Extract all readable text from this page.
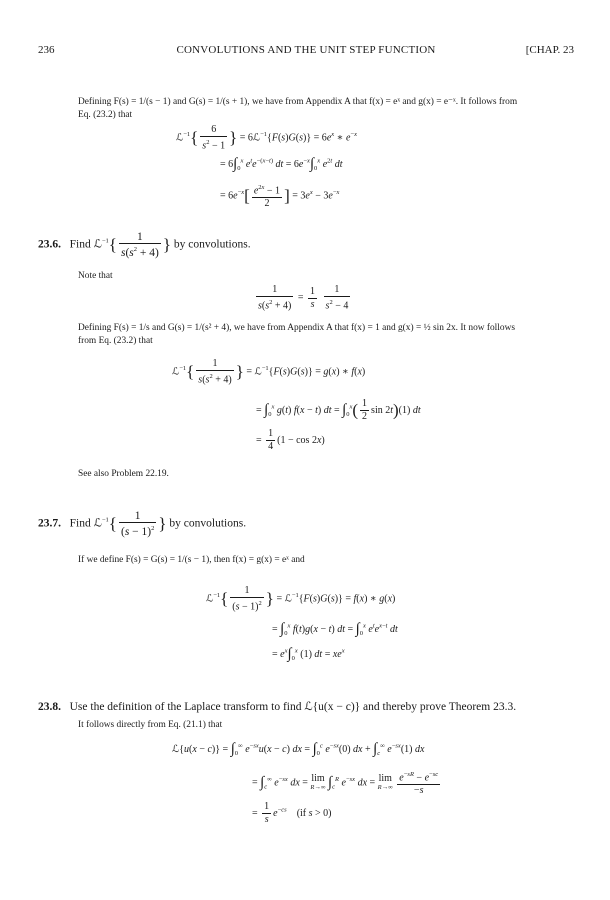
236	CONVOLUTIONS AND THE UNIT STEP FUNCTION	[CHAP. 23
Defining F(s) = 1/(s − 1) and G(s) = 1/(s + 1), we have from Appendix A that f(x) = eˣ and g(x) = e⁻ˣ. It follows from
Eq. (23.2) that
ℒ$^{-1}${ $\frac{6}{s^2 - 1}$ } = 6ℒ$^{-1}${F(s)G(s)} = $6e^x$ ∗ $e^{-x}$
= $6\int_0^x$ $e^te^{-(x-t)}$ dt = $6e^{-x}\int_0^x$ $e^{2t}$ dt
= $6e^{-x}[ \frac{e^{2x} - 1}{2}$ ] = $3e^x - 3e^{-x}$
23.6.   Find ℒ$^{-1}${ $\frac{1}{s(s^2 + 4)}$ } by convolutions.
Note that
$\frac{1}{s(s^2 + 4)} = \frac{1}{s}$
$\frac{1}{s^2 - 4}$
Defining F(s) = 1/s and G(s) = 1/(s² + 4), we have from Appendix A that f(x) = 1 and g(x) = ½ sin 2x. It now follows
from Eq. (23.2) that
ℒ$^{-1}${ $\frac{1}{s(s^2 + 4)}$ } = ℒ$^{-1}${F(s)G(s)} = g(x) ∗ f(x)
= $\int_0^x$ g(t) f(x − t) dt = $\int_0^x( \frac{1}{2}$ sin 2t)(1) dt
= $\frac{1}{4} (1 - \cos 2x)$
See also Problem 22.19.
23.7.   Find ℒ$^{-1}${ $\frac{1}{(s - 1)^2}$ } by convolutions.
If we define F(s) = G(s) = 1/(s − 1), then f(x) = g(x) = eˣ and
ℒ$^{-1}${ $\frac{1}{(s - 1)^2}$ } = ℒ$^{-1}${F(s)G(s)} = f(x) ∗ g(x)
= $\int_0^x$ f(t)g(x − t) dt = $\int_0^x$ $e^te^{x-t}$ dt
= $e^x\int_0^x$ (1) dt = $xe^x$
23.8. Use the definition of the Laplace transform to find ℒ{u(x − c)} and thereby prove Theorem 23.3.
It follows directly from Eq. (21.1) that
ℒ{u(x − $c)\} = \int_0^\infty$ $e^{-sx}u(x - c)$ dx = $\int_0^c$ $e^{-sx}(0)$ dx + $\int_c^\infty$ $e^{-sx}(1)$ dx
= $\int_c^\infty$ $e^{-sx}$ dx = lim
R→∞ $\int_c^R$ $e^{-sx}$ dx = lim
R→∞
$\frac{e^{-sR} - e^{-sc}}{-s}$
= $\frac{1}{s} e^{-cs}$    (if s > 0)
